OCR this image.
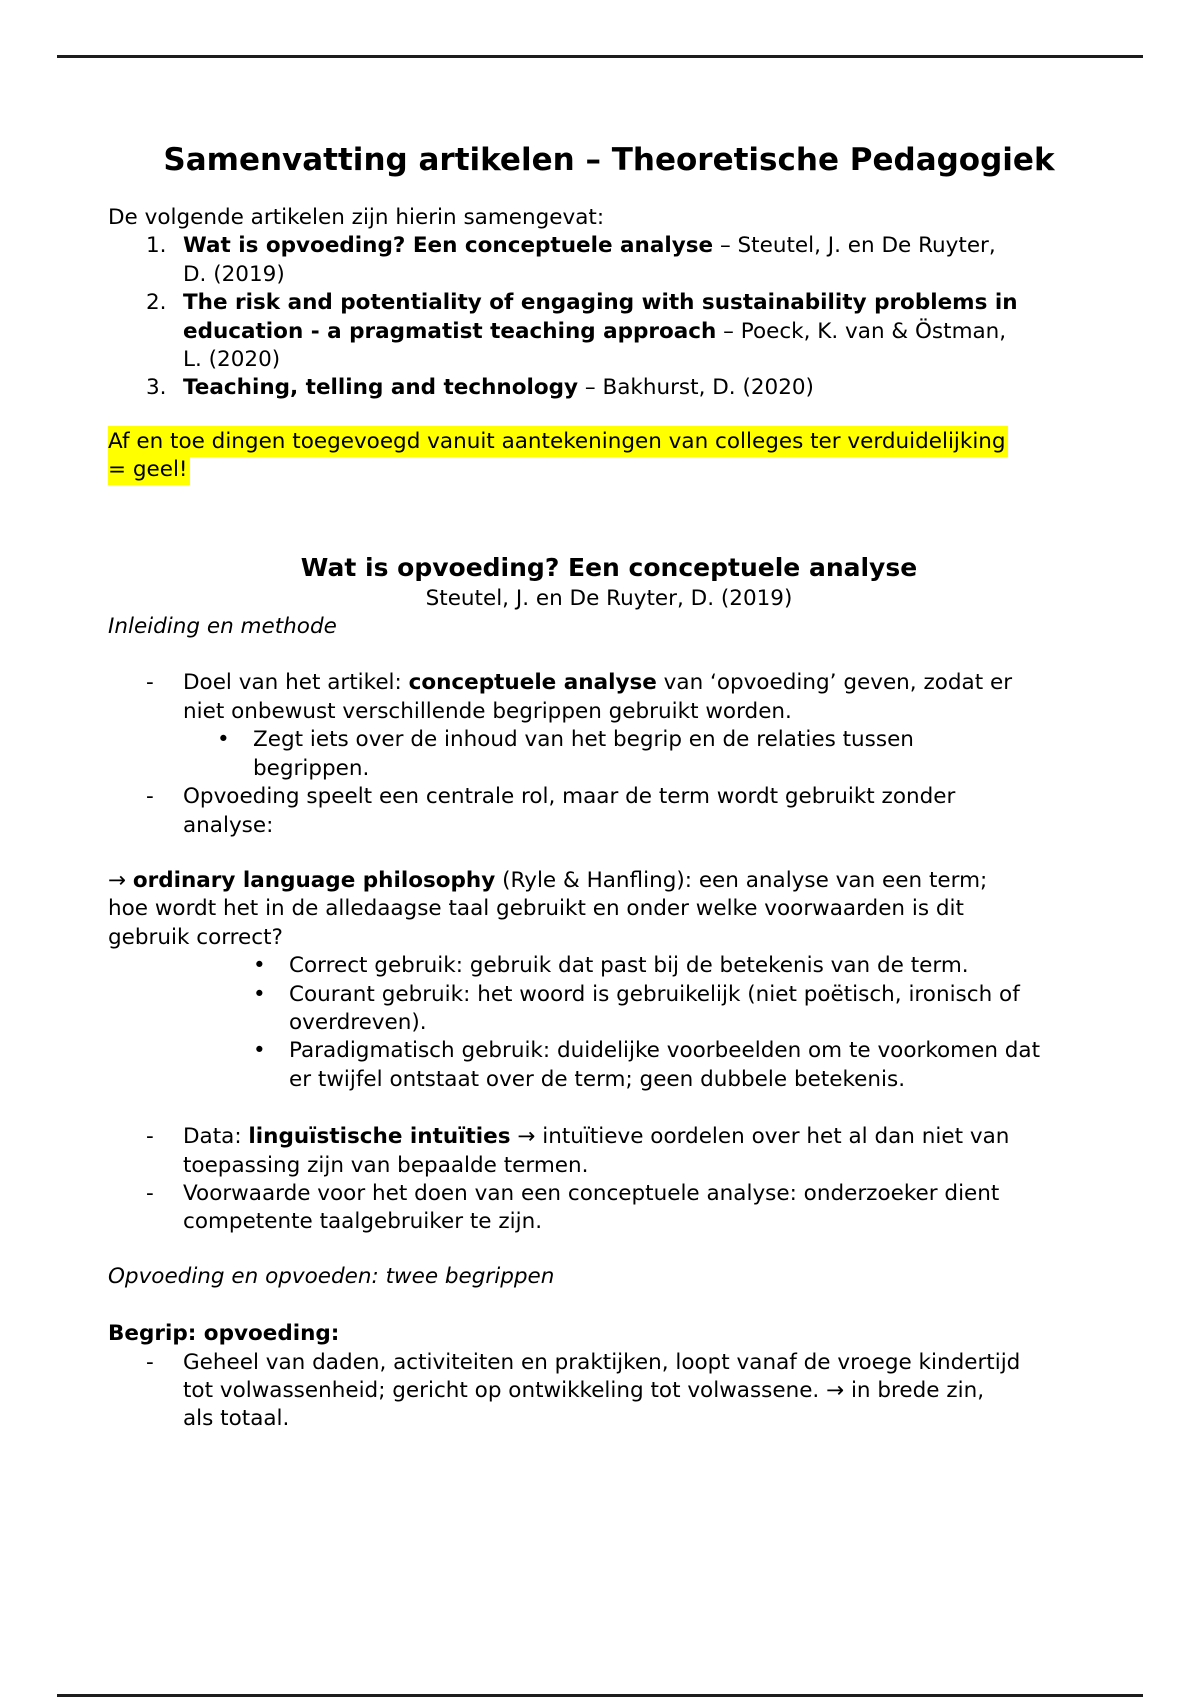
Samenvatting artikelen – Theoretische Pedagogiek

De volgende artikelen zijn hierin samengevat:

1. Wat is opvoeding? Een conceptuele analyse – Steutel, J. en De Ruyter,
D. (2019)
2. The risk and potentiality of engaging with sustainability problems in
education - a pragmatist teaching approach – Poeck, K. van & Östman,
L. (2020)
3. Teaching, telling and technology – Bakhurst, D. (2020)
Af en toe dingen toegevoegd vanuit aantekeningen van colleges ter verduidelijking
= geel!
Wat is opvoeding? Een conceptuele analyse

Steutel, J. en De Ruyter, D. (2019)

Inleiding en methode

-	Doel van het artikel: conceptuele analyse van ‘opvoeding’ geven, zodat er
niet onbewust verschillende begrippen gebruikt worden.
•	Zegt iets over de inhoud van het begrip en de relaties tussen
begrippen.
-	Opvoeding speelt een centrale rol, maar de term wordt gebruikt zonder
analyse:
→ ordinary language philosophy (Ryle & Hanfling): een analyse van een term;
hoe wordt het in de alledaagse taal gebruikt en onder welke voorwaarden is dit
gebruik correct?
•	Correct gebruik: gebruik dat past bij de betekenis van de term.
•	Courant gebruik: het woord is gebruikelijk (niet poëtisch, ironisch of
overdreven).
•	Paradigmatisch gebruik: duidelijke voorbeelden om te voorkomen dat
er twijfel ontstaat over de term; geen dubbele betekenis.
-	Data: linguïstische intuïties → intuïtieve oordelen over het al dan niet van
toepassing zijn van bepaalde termen.
-	Voorwaarde voor het doen van een conceptuele analyse: onderzoeker dient
competente taalgebruiker te zijn.

Opvoeding en opvoeden: twee begrippen

Begrip: opvoeding:

-	Geheel van daden, activiteiten en praktijken, loopt vanaf de vroege kindertijd
tot volwassenheid; gericht op ontwikkeling tot volwassene. → in brede zin,
als totaal.
